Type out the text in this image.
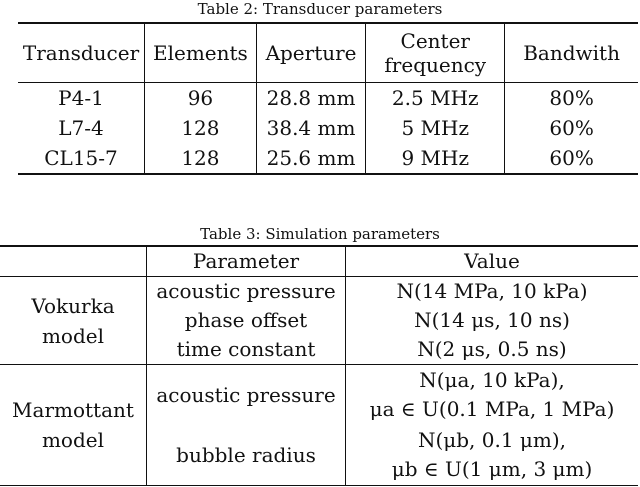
Table 2: Transducer parameters
Transducer	Elements	Aperture	Center frequency	Bandwith
P4-1	96	28.8 mm	2.5 MHz	80%
L7-4	128	38.4 mm	5 MHz	60%
CL15-7	128	25.6 mm	9 MHz	60%
Table 3: Simulation parameters
	Parameter	Value
Vokurka model	acoustic pressure	N(14 MPa, 10 kPa)
	phase offset	N(14 μs, 10 ns)
	time constant	N(2 μs, 0.5 ns)
Marmottant model	acoustic pressure	N(μa, 10 kPa),
μa ∈ U(0.1 MPa, 1 MPa)

	bubble radius	N(μb, 0.1 μm),
μb ∈ U(1 μm, 3 μm)
